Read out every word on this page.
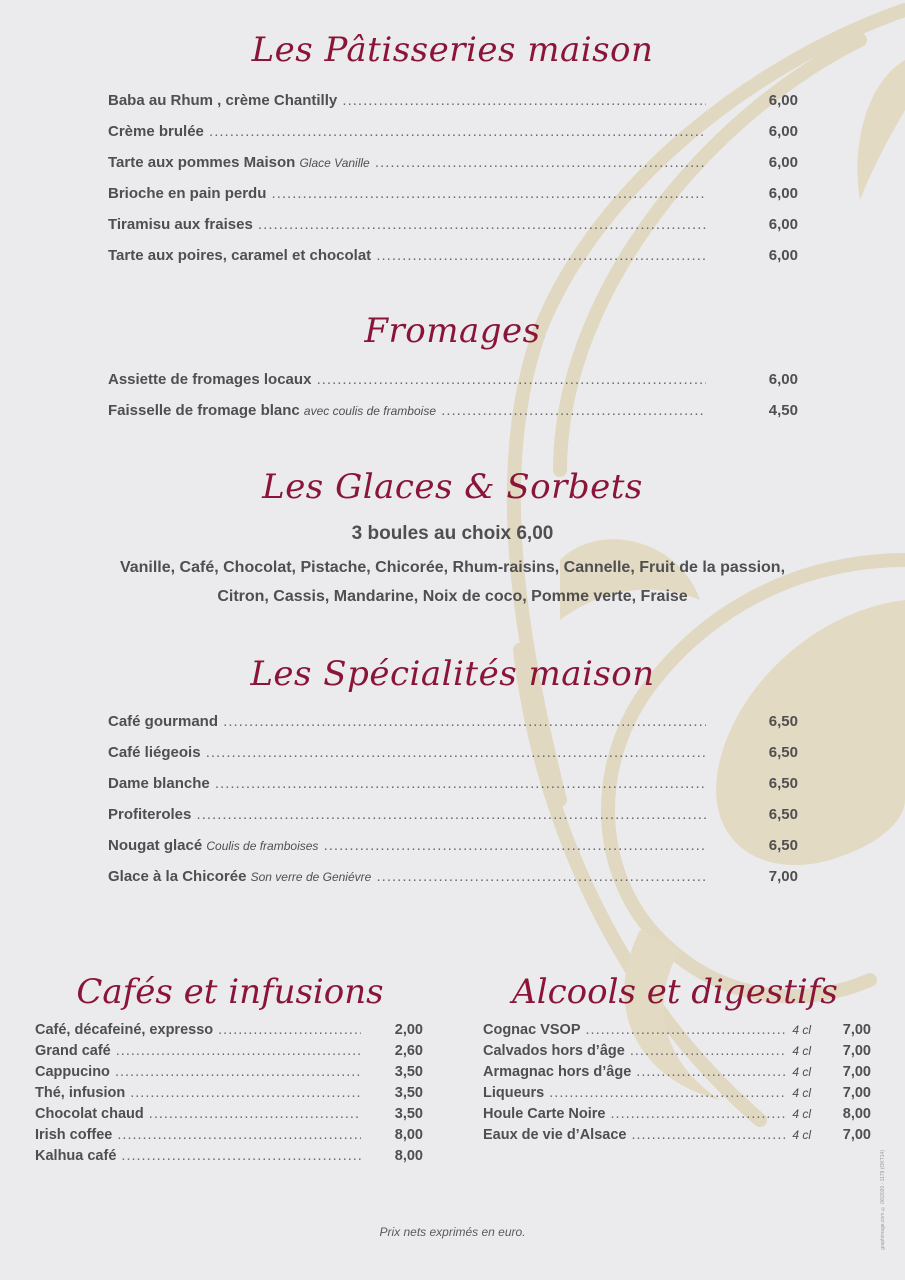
Les Pâtisseries maison
Baba au Rhum , crème Chantilly .....	6,00
Crème brulée .....	6,00
Tarte aux pommes Maison Glace Vanille .....	6,00
Brioche en pain perdu .....	6,00
Tiramisu aux fraises .....	6,00
Tarte aux poires, caramel et chocolat .....	6,00
Fromages
Assiette de fromages locaux .....	6,00
Faisselle de fromage blanc avec coulis de framboise .....	4,50
Les Glaces & Sorbets
3 boules au choix 6,00
Vanille, Café, Chocolat, Pistache, Chicorée, Rhum-raisins, Cannelle, Fruit de la passion,
Citron, Cassis, Mandarine, Noix de coco, Pomme verte, Fraise
Les Spécialités maison
Café gourmand .....	6,50
Café liégeois .....	6,50
Dame blanche .....	6,50
Profiteroles .....	6,50
Nougat glacé Coulis de framboises .....	6,50
Glace à la Chicorée Son verre de Geniévre .....	7,00
Cafés et infusions
Café, décafeiné, expresso .....	2,00
Grand café .....	2,60
Cappucino .....	3,50
Thé, infusion .....	3,50
Chocolat chaud .....	3,50
Irish coffee .....	8,00
Kalhua café .....	8,00
Alcools et digestifs
Cognac VSOP .....	4 cl 7,00
Calvados hors d’âge .....	4 cl 7,00
Armagnac hors d’âge .....	4 cl 7,00
Liqueurs .....	4 cl 7,00
Houle Carte Noire .....	4 cl 8,00
Eaux de vie d’Alsace .....	4 cl 7,00
graphimage.com © 06/2020 - 1179 (OKT14)
Prix nets exprimés en euro.
